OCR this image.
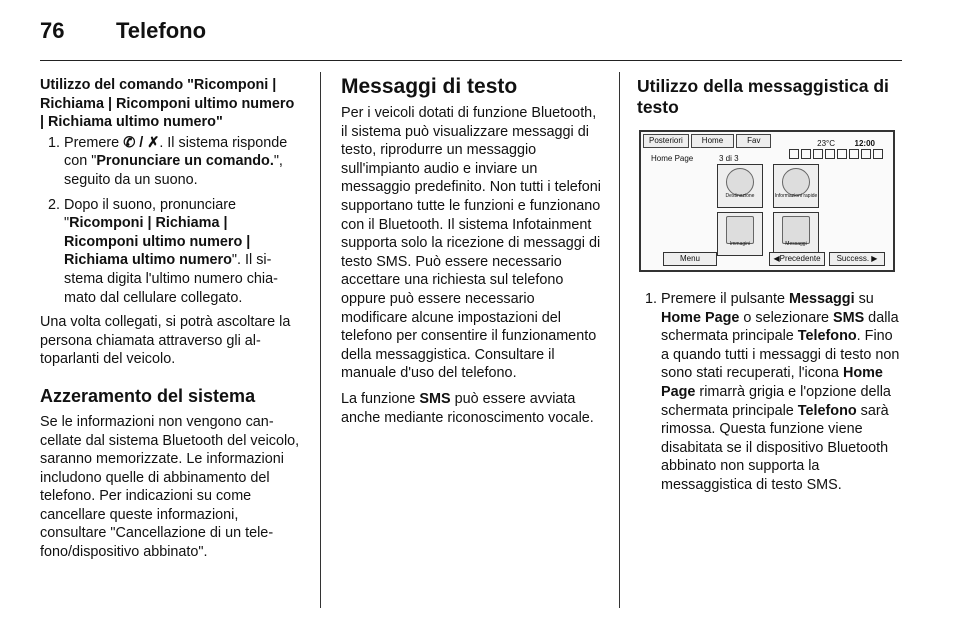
76	Telefono

Utilizzo del comando "Ricomponi | Richiama | Ricomponi ultimo numero | Richiama ultimo numero"

1. Premere ✆ / ✗. Il sistema risponde con "Pronunciare un comando.", seguito da un suono.
2. Dopo il suono, pronunciare "Ricomponi | Richiama | Ricomponi ultimo numero | Richiama ultimo numero". Il sistema digita l'ultimo numero chiamato dal cellulare collegato.

Una volta collegati, si potrà ascoltare la persona chiamata attraverso gli altoparlanti del veicolo.

Azzeramento del sistema

Se le informazioni non vengono cancellate dal sistema Bluetooth del veicolo, saranno memorizzate. Le informazioni includono quelle di abbinamento del telefono. Per indicazioni su come cancellare queste informazioni, consultare "Cancellazione di un telefono/dispositivo abbinato".

Messaggi di testo

Per i veicoli dotati di funzione Bluetooth, il sistema può visualizzare messaggi di testo, riprodurre un messaggio sull'impianto audio e inviare un messaggio predefinito. Non tutti i telefoni supportano tutte le funzioni e funzionano con il Bluetooth. Il sistema Infotainment supporta solo la ricezione di messaggi di testo SMS. Può essere necessario accettare una richiesta sul telefono oppure può essere necessario modificare alcune impostazioni del telefono per consentire il funzionamento della messaggistica. Consultare il manuale d'uso del telefono.

La funzione SMS può essere avviata anche mediante riconoscimento vocale.

Utilizzo della messaggistica di testo

Posteriori	Home	Fav	23°C 12:00
Home Page	3 di 3
Destinazione	Informazioni rapide
Immagini	Messaggi
Menu	◀Precedente	Success. ▶
1. Premere il pulsante Messaggi su Home Page o selezionare SMS dalla schermata principale Telefono. Fino a quando tutti i messaggi di testo non sono stati recuperati, l'icona Home Page rimarrà grigia e l'opzione della schermata principale Telefono sarà rimossa. Questa funzione viene disabitata se il dispositivo Bluetooth abbinato non supporta la messaggistica di testo SMS.
